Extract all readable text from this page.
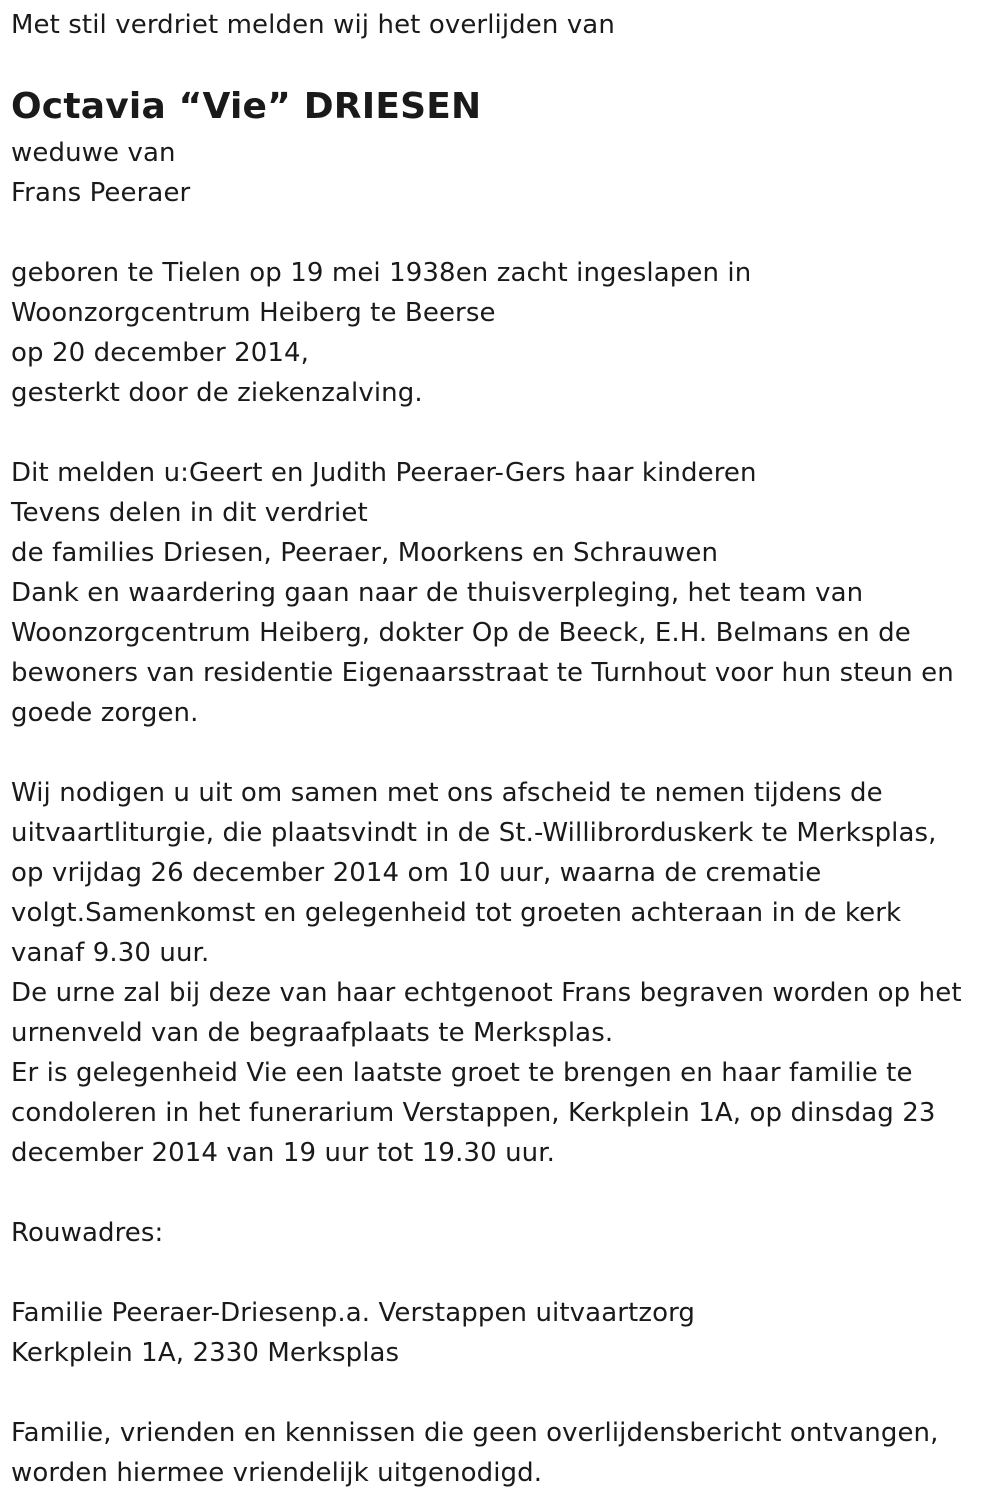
Met stil verdriet melden wij het overlijden van
Octavia “Vie” DRIESEN
weduwe van
Frans Peeraer
geboren te Tielen op 19 mei 1938en zacht ingeslapen in
Woonzorgcentrum Heiberg te Beerse
op 20 december 2014,
gesterkt door de ziekenzalving.
Dit melden u:Geert en Judith Peeraer-Gers haar kinderen
Tevens delen in dit verdriet
de families Driesen, Peeraer, Moorkens en Schrauwen
Dank en waardering gaan naar de thuisverpleging, het team van
Woonzorgcentrum Heiberg, dokter Op de Beeck, E.H. Belmans en de
bewoners van residentie Eigenaarsstraat te Turnhout voor hun steun en
goede zorgen.
Wij nodigen u uit om samen met ons afscheid te nemen tijdens de
uitvaartliturgie, die plaatsvindt in de St.-Willibrorduskerk te Merksplas,
op vrijdag 26 december 2014 om 10 uur, waarna de crematie
volgt.Samenkomst en gelegenheid tot groeten achteraan in de kerk
vanaf 9.30 uur.
De urne zal bij deze van haar echtgenoot Frans begraven worden op het
urnenveld van de begraafplaats te Merksplas.
Er is gelegenheid Vie een laatste groet te brengen en haar familie te
condoleren in het funerarium Verstappen, Kerkplein 1A, op dinsdag 23
december 2014 van 19 uur tot 19.30 uur.
Rouwadres:
Familie Peeraer-Driesenp.a. Verstappen uitvaartzorg
Kerkplein 1A, 2330 Merksplas
Familie, vrienden en kennissen die geen overlijdensbericht ontvangen,
worden hiermee vriendelijk uitgenodigd.
